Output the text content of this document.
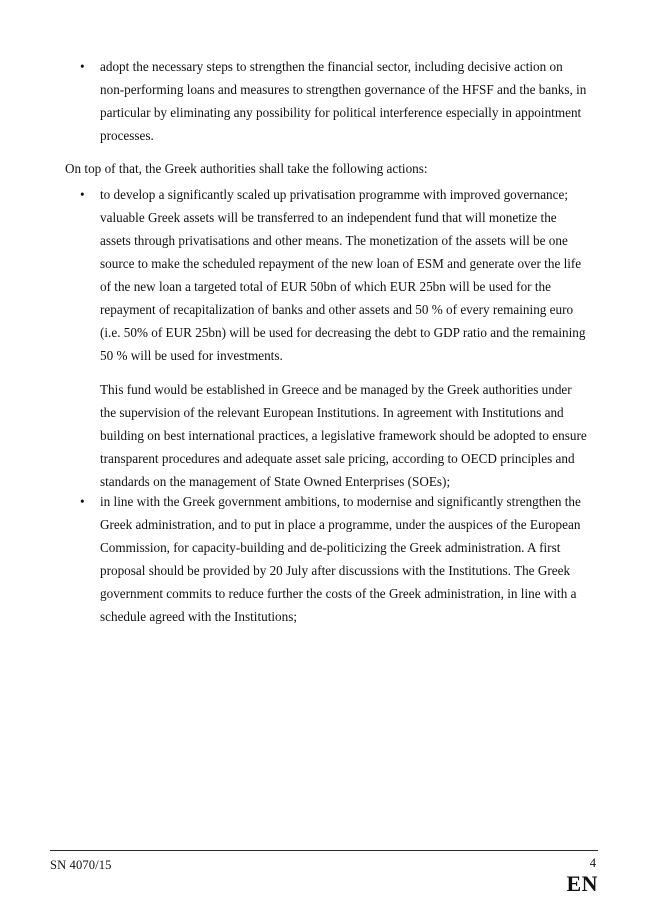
•	adopt the necessary steps to strengthen the financial sector, including decisive action on non-performing loans and measures to strengthen governance of the HFSF and the banks, in particular by eliminating any possibility for political interference especially in appointment processes.

On top of that, the Greek authorities shall take the following actions:

•	to develop a significantly scaled up privatisation programme with improved governance; valuable Greek assets will be transferred to an independent fund that will monetize the assets through privatisations and other means. The monetization of the assets will be one source to make the scheduled repayment of the new loan of ESM and generate over the life of the new loan a targeted total of EUR 50bn of which EUR 25bn will be used for the repayment of recapitalization of banks and other assets and 50 % of every remaining euro (i.e. 50% of EUR 25bn) will be used for decreasing the debt to GDP ratio and the remaining 50 % will be used for investments.

This fund would be established in Greece and be managed by the Greek authorities under the supervision of the relevant European Institutions. In agreement with Institutions and building on best international practices, a legislative framework should be adopted to ensure transparent procedures and adequate asset sale pricing, according to OECD principles and standards on the management of State Owned Enterprises (SOEs);

•	in line with the Greek government ambitions, to modernise and significantly strengthen the Greek administration, and to put in place a programme, under the auspices of the European Commission, for capacity-building and de-politicizing the Greek administration. A first proposal should be provided by 20 July after discussions with the Institutions. The Greek government commits to reduce further the costs of the Greek administration, in line with a schedule agreed with the Institutions;

SN 4070/15	4
EN
